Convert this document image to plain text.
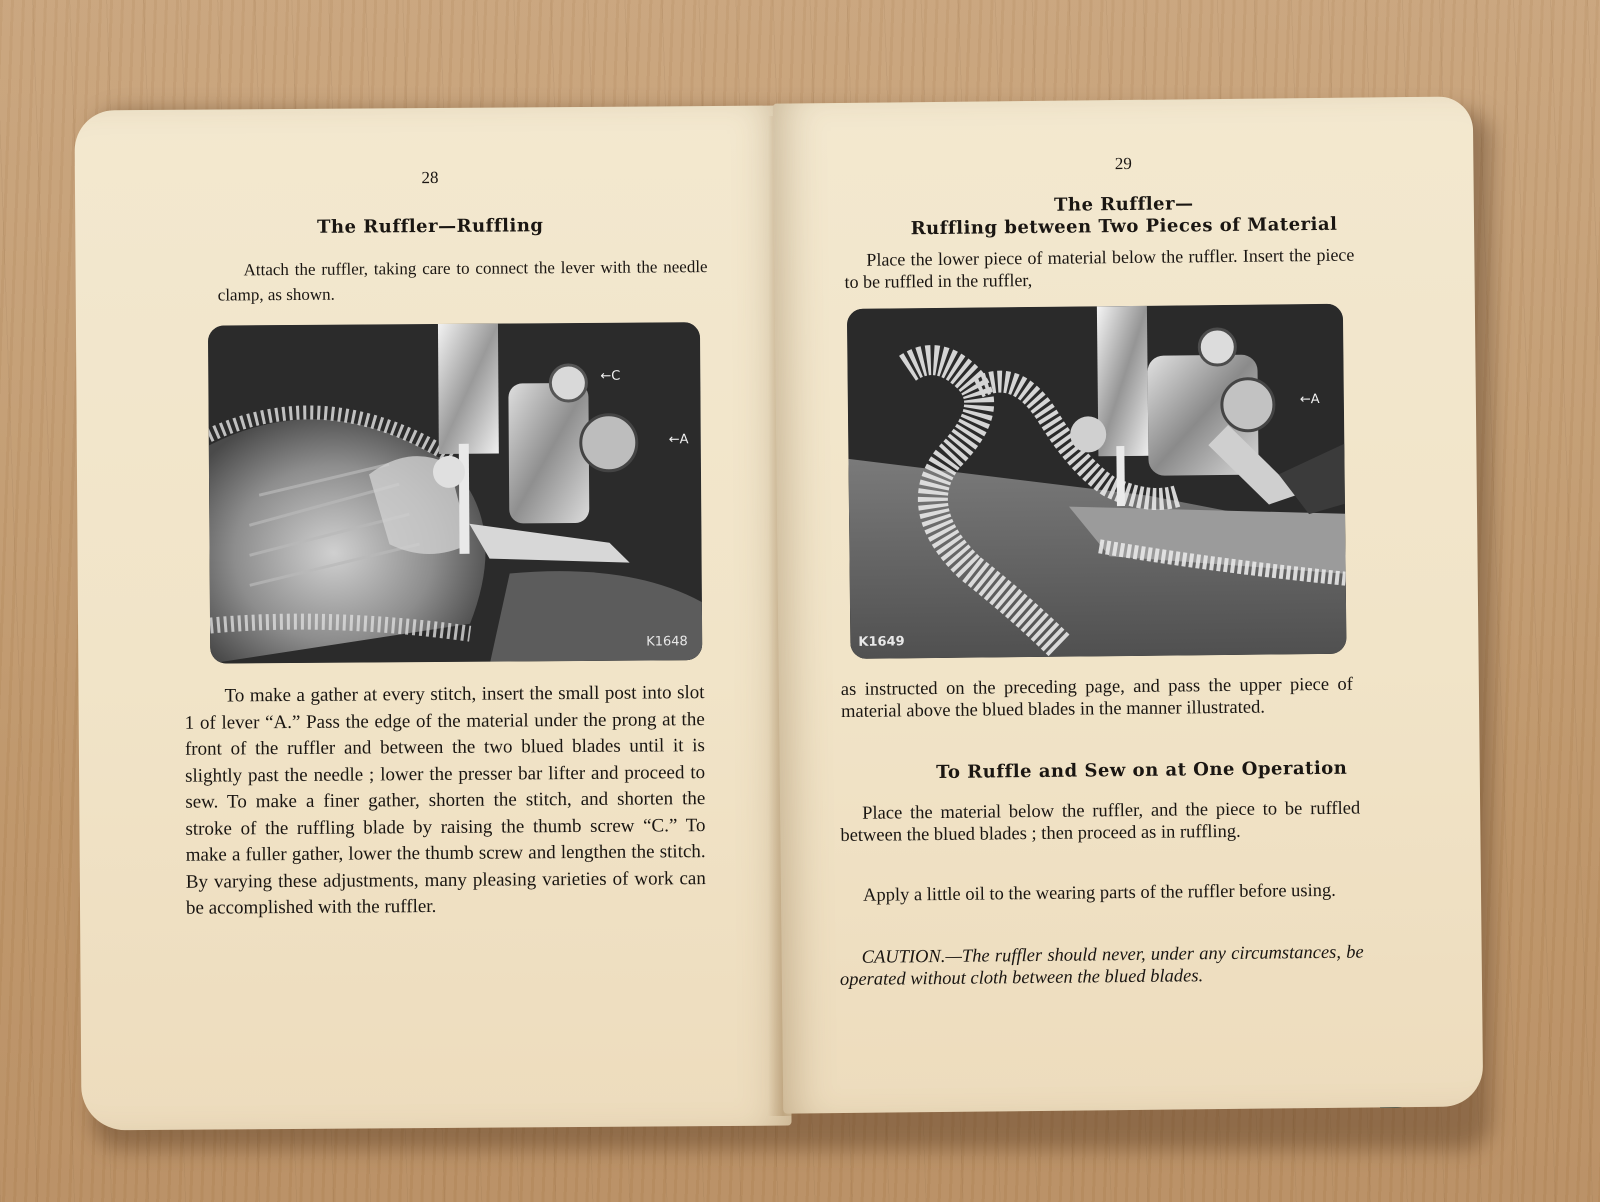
28
The Ruffler—Ruffling

Attach the ruffler, taking care to connect the lever with the needle clamp, as shown.

←C
←A
K1648

To make a gather at every stitch, insert the small post into slot 1 of lever “A.” Pass the edge of the material under the prong at the front of the ruffler and between the two blued blades until it is slightly past the needle ; lower the presser bar lifter and proceed to sew. To make a finer gather, shorten the stitch, and shorten the stroke of the ruffling blade by raising the thumb screw “C.” To make a fuller gather, lower the thumb screw and lengthen the stitch. By varying these adjustments, many pleasing varieties of work can be accomplished with the ruffler.

29
The Ruffler—
Ruffling between Two Pieces of Material

Place the lower piece of material below the ruffler. Insert the piece to be ruffled in the ruffler,

←A
K1649

as instructed on the preceding page, and pass the upper piece of material above the blued blades in the manner illustrated.

To Ruffle and Sew on at One Operation

Place the material below the ruffler, and the piece to be ruffled between the blued blades ; then proceed as in ruffling.

Apply a little oil to the wearing parts of the ruffler before using.

CAUTION.—The ruffler should never, under any circumstances, be operated without cloth between the blued blades.
